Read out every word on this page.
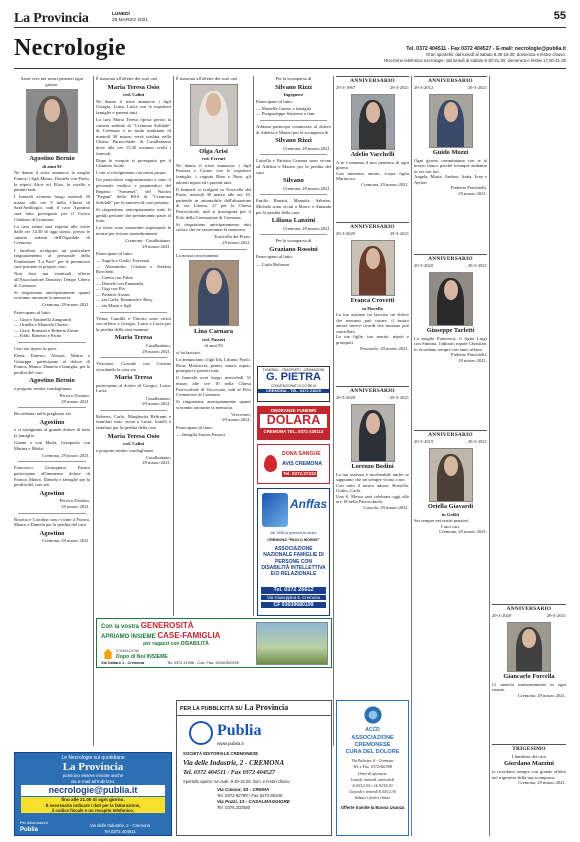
La Provincia	LUNEDÌ
29 MARZO 2021	55
Necrologie	Tel. 0372 404511 - Fax 0372 404527 - E-mail: necrologie@publia.it
Orari sportello: dal lunedì al sabato 8.30-19.30; domenica e festivi chiuso.
Ricezione telefonica necrologie: dal lunedì al sabato 8.30-21.30; domenica e festivi 17.00-21.30

Sarai vivo nei nostri pensieri ogni giorno.

Agostino Bernio
di anni 92

Ne danno il triste annuncio la moglie Franca, i figli Mauro, Daniela con Paolo, le nipoti Alice ed Elisa, la sorella e parenti tutti.

I funerali avranno luogo martedì 30 marzo alle ore 9 nella Chiesa di Sant'Ambrogio, indi il caro Agostino sarà fatto proseguire per il Civico Cimitero di Cremona.

La cara salma sarà esposta alle visite dalle ore 14,30 di oggi stesso, presso le camere ardenti dell'Ospedale di Cremona.

I familiari rivolgono un particolare ringraziamento al personale della Fondazione "La Pace" per le premurose cure prestate al proprio caro.

Non fiori ma eventuali offerte all'Associazione Donatori Tempo Libero di Cremona.

Si ringraziano anticipatamente quanti vorranno onorarne la memoria.

Cremona, 29 marzo 2021.

Partecipano al lutto:

— Gina e Antonella Zangrandi
— Ornella e Manuela Chezzi
— Gissi, Romano e Roberta Zavan
— Eddo, Roberto e Paola

Ciao zio ripeso in pace.

Elena, Ernesto, Alessia, Mattia e Giuseppe, partecipano al dolore di Franca, Mauro, Daniela e famiglia, per la perdita del caro

Agostino Bernio

e porgono sentite condoglianze.

Persico Dosimo,
29 marzo 2021.

Ricordiamo nella preghiera zio

Agostino

e ci stringiamo al grande dolore di tutta la famiglia.

Gianni e con Marta, Gianpaolo con Marina e Mirko.

Cremona, 29 marzo 2021.

Francesco, Giuseppina, Fausto partecipano all'immenso dolore di Franca, Mauro, Daniela e famiglie per la perdita del caro zio

Agostino
Persico Dosimo,
29 marzo 2021.

Rosetta e Carolina sono vicine a Franca, Mauro e Daniela per la perdita del caro

Agostino
Cremona, 29 marzo 2021.

È mancata all'affetto dei suoi cari

Maria Teresa Osio
ved. Calini

Ne danno il triste annuncio i figli Giorgio, Luisa, Lucia con le rispettive famiglie e parenti tutti.

La cara Maria Teresa riposa presso la camera ardente di "Cremona Solidale" di Cremona e in tarda mattinata di martedì 30 marzo verrà traslata nella Chiesa Parrocchiale di Casalbuttano dove alle ore 15,30 avranno svolti i funerali.

Dopo le esequie si proseguirà per il Cimitero locale.

I cari si rivolgeranno con mesti propri.

Un particolare ringraziamento a tutto il personale medico e paramedico del Reparto "Somenzi", del Nucleo "Pagani" della RSA di "Cremona Solidale" per le amorevoli cure prestate.

Si ringraziano anticipatamente tutte le gentili persone che prenderanno parte al lutto.

Le visite sono consentite rispettando le norme per evitare assembramenti.

Cremona - Casalbuttano,
29 marzo 2021.

Partecipano al lutto:

— Angela e Giulio Torresani
— Alessandro, Cristina e Stefano Rocchetti
— Cinzia con Fabio
— Daniele con Emanuela
— Gigi con Pia
— Palmiro Arzani
— zia Carla, Emanuela e Rosy
— zia Maria e figli

Vilma, Camilla e Vittorio sono vicini con affetto a Giorgio, Luisa e Lucia per la perdita della cara mamma

Maria Teresa
Casalbuttano,
29 marzo 2021.

Vincenzo, Corrado con Cristine ricordando la cara zia

Maria Teresa

partecipano al dolore di Giorgio, Luisa, Lucia.

Casalbuttano,
29 marzo 2021.

Roberta, Carlo, Margherita Beltrami e familiari sono vicini a Luisa, fratelli e familiari per la perdita della cara

Maria Teresa Osio
ved. Calini

e porgono sentite condoglianze.

Casalbuttano,
29 marzo 2021.

È mancata all'affetto dei suoi cari

Olga Arisi
ved. Ferrari

Ne danno il triste annuncio: i figli Patrizia e Cesare con le rispettive famiglie, i cognati Rina e Nino, gli adorati nipoti ed i parenti tutti.

Il funerale si svolgerà in Torricella del Pizzo, martedì 30 marzo alle ore 10, partendo in automobile dall'abitazione di via Liberta, 27 per la Chiesa Parrocchiale, indi si proseguirà per il Polo della Cremazione di Cremona.

Si ringraziano anticipatamente tutti coloro che ne onoreranno la memoria.

Torricella del Pizzo,
29 marzo 2021.

La nostra cara mamma

Lina Carnara
ved. Passeri
di anni 93

ci ha lasciato.

Lo annunciano i figli Ida, Liliana, Paolo, Rosa, Mariuccia, generi, nuora, nipoti, pronipoti e parenti tutti.

Il funerale avrà luogo mercoledì 31 marzo alle ore 10 nella Chiesa Parrocchiale di Vescovato, indi al Polo Crematorio di Cremona.

Si ringraziano anticipatamente quanti vorranno onorarne la memoria.

Vescovato,
29 marzo 2021.

Partecipano al lutto:

— famiglia Sartori Passeri

Per la scomparsa di

Silvano Rizzi
Ingegnere

Partecipano al lutto:

— Mariella Caruso e famiglia
— Piergiuseppe Savarese e fam.

Adriana partecipa commossa al dolore di Adelisa e Matteo per la scomparsa di

Silvano Rizzi
Cremona, 29 marzo 2021.

Luisella e Patrizia Granata sono vicine ad Adelisa e Matteo per la perdita del caro

Silvano
Cremona, 29 marzo 2021.

Emilio Bonatti, Manuela, Sabrina, Michele sono vicini a Marco e Amanda per la perdita della cara

Liliana Lanzini
Cremona, 29 marzo 2021.

Per la scomparsa di

Graziano Rossini

Partecipano al lutto:

— Carlo Beltrami
FUNERALI - TRASPORTI - CREMAZIONI
G. PIETRA
CONVENZIONATI S.CO.RE.M
CREMONA - TEL. 0372 21629
ONORANZE FUNEBRI
DOLARA
CREMONA TEL. 0372 430112
DONA SANGUE
AVIS CREMONA
Tel. 0372.27232
Anffas
dal 1958 la persona al centro
CREMONA "PAOLO MORSE"
ASSOCIAZIONE NAZIONALE FAMIGLIE DI PERSONE CON DISABILITÀ INTELLETTIVA E/O RELAZIONALE
Tel. 0372 26612
Via Giuseppina 5, Cremona
CF 93039680199
Con la vostra GENEROSITÀ
APRIAMO INSIEME CASE-FAMIGLIA
per ragazzi con DISABILITÀ
FONDAZIONE
Dopo di Noi INSIEME
Via Cattaro 1 - Cremona	Tel. 0372.21956 - Cod. Fisc. 92042300199
ANNIVERSARIO
29-3-1967	29-3-2021
Adelio Vacchelli

A te e mamma il mio pensiero di ogni giorno.

Con immenso amore, vostra figlia Mariuccia.

Cremona, 29 marzo 2021.
ANNIVERSARIO
29-3-2020	29-3-2021
Franca Crovetti
in Pincella

La tua assenza ha lasciato un dolore che nessuno può curare, il nostro amore invece ricordi che nessuno può cancellare.

Le tue figlie, tuo marito, nipoti e pronipoti.

Pescarolo, 29 marzo 2021.
ANNIVERSARIO
29-3-2020	29-3-2021
Lorenzo Bodini

La tua assenza è incolmabile anche se sappiamo che sei sempre vicino a noi.

Con tutto il nostro amore, Rossella, Giulio, Carlo.

Una S. Messa sarà celebrata oggi alle ore 18 nella Parrocchiale.

Gussola, 29 marzo 2021.
ANNIVERSARIO
29-3-2012	29-3-2021
Guido Mozzi

Ogni giorno camminiamo con te al nostro fianco perché ovunque andiamo tu sei con noi.

Angela, Maria, Andrea, Anita, Ivan e Ayrton.

Paderno Ponchielli,
29 marzo 2021.
ANNIVERSARIO
29-3-2020	29-3-2021
Giuseppe Tarletti

La moglie Francesca, il figlio Luigi con Simona, l'adorato nipote Christian, lo ricordano sempre con tanto affetto.

Paderno Ponchielli,
29 marzo 2021.
ANNIVERSARIO
29-3-2019	29-3-2021
Oriella Giavardi
in Gobbi

Sei sempre nei nostri pensieri.

I tuoi cari.

Cremona, 29 marzo 2021.
ANNIVERSARIO
29-3-2020	29-3-2021
Giancarlo Forcella

Ci manchi immensamente in ogni istante.

Cremona, 29 marzo 2021.
TRIGESIMO

I familiari del caro

Giordano Mazzini

lo ricordano sempre con grande affetto nel trigesimo della sua scomparsa.

Cremona, 29 marzo 2021.
Le Necrologie sul quotidiano
La Provincia
possono essere inviate anche
via e-mail all'indirizzo:
necrologie@publia.it
fino alle 21.00 di ogni giorno.
È necessario indicare i dati per la fatturazione,
il codice fiscale e un recapito telefonico.
Per informazioni:
Publia
Via delle Industrie, 2 - Cremona
Tel.0372.404511
PER LA PUBBLICITÀ SU La Provincia
Publia
www.publia.it
SOCIETÀ EDITORIALE CREMONESE
Via delle Industrie, 2 - CREMONA
Tel. 0372 404511 / Fax 0372 404527
Sportello aperto: lun./sab. 8.30-19.30; dom. e festivi chiuso
Via Cavour, 53 - CREMA
Tel. 0373 82789 / Fax 0373 80440
Via Pozzi, 13 - CASALMAGGIORE
Tel. 0375 202560
ACCD
ASSOCIAZIONE
CREMONESE
CURA DEL DOLORE
Via Palestro, 6 - Cremona
Tel. e Fax. 0372/461598
Orari di apertura:
Lunedì, martedì, mercoledì
8,30/12,30 e 14,30/18,30
Giovedì e venerdì 8,30/12,30
Sabato e festivi chiuso
Offerte tramite la Buona Usanza
